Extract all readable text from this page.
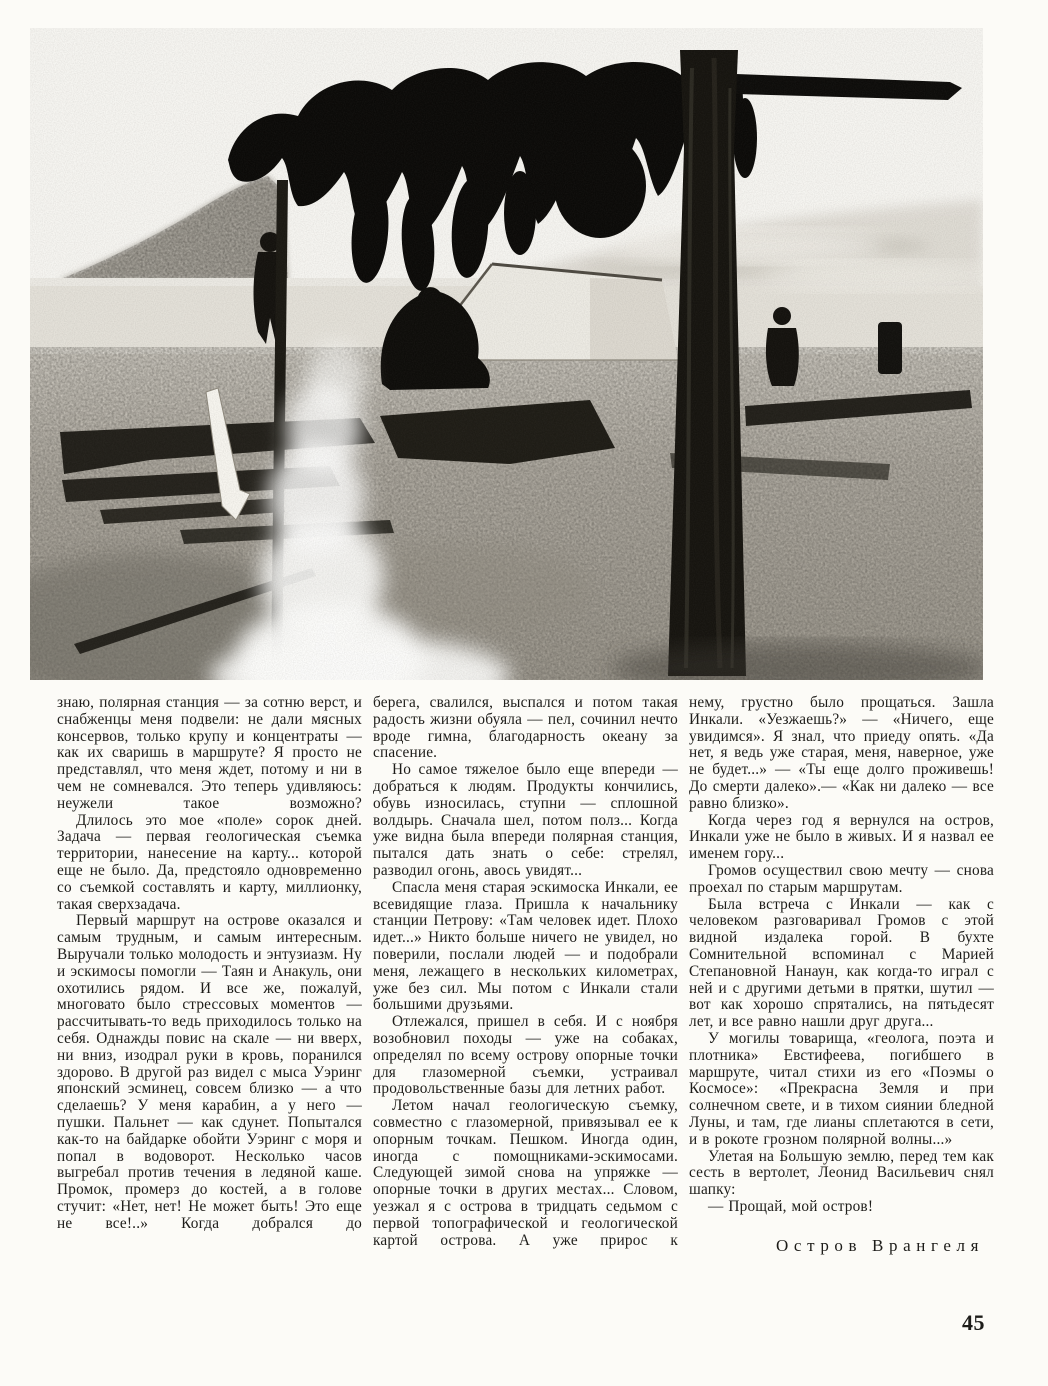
знаю, полярная станция — за сотню верст, и снабженцы меня подвели: не дали мясных консервов, только крупу и концентраты — как их сваришь в маршруте? Я просто не представлял, что меня ждет, потому и ни в чем не сомневался. Это теперь удивляюсь: неужели такое возможно?

Длилось это мое «поле» сорок дней. Задача — первая геологическая съемка территории, нанесение на карту... которой еще не было. Да, предстояло одновременно со съемкой составлять и карту, миллионку, такая сверхзадача.

Первый маршрут на острове оказался и самым трудным, и самым интересным. Выручали только молодость и энтузиазм. Ну и эскимосы помогли — Таян и Анакуль, они охотились рядом. И все же, пожалуй, многовато было стрессовых моментов — рассчитывать-то ведь приходилось только на себя. Однажды повис на скале — ни вверх, ни вниз, изодрал руки в кровь, поранился здорово. В другой раз видел с мыса Уэринг японский эсминец, совсем близко — а что сделаешь? У меня карабин, а у него — пушки. Пальнет — как сдунет. Попытался как-то на байдарке обойти Уэринг с моря и попал в водоворот. Несколько часов выгребал против течения в ледяной каше. Промок, промерз до костей, а в голове стучит: «Нет, нет! Не может быть! Это еще не все!..» Когда добрался до

берега, свалился, выспался и потом такая радость жизни обуяла — пел, сочинил нечто вроде гимна, благодарность океану за спасение.

Но самое тяжелое было еще впереди — добраться к людям. Продукты кончились, обувь износилась, ступни — сплошной волдырь. Сначала шел, потом полз... Когда уже видна была впереди полярная станция, пытался дать знать о себе: стрелял, разводил огонь, авось увидят...

Спасла меня старая эскимоска Инкали, ее всевидящие глаза. Пришла к начальнику станции Петрову: «Там человек идет. Плохо идет...» Никто больше ничего не увидел, но поверили, послали людей — и подобрали меня, лежащего в нескольких километрах, уже без сил. Мы потом с Инкали стали большими друзьями.

Отлежался, пришел в себя. И с ноября возобновил походы — уже на собаках, определял по всему острову опорные точки для глазомерной съемки, устраивал продовольственные базы для летних работ.

Летом начал геологическую съемку, совместно с глазомерной, привязывал ее к опорным точкам. Пешком. Иногда один, иногда с помощниками-эскимосами. Следующей зимой снова на упряжке — опорные точки в других местах... Словом, уезжал я с острова в тридцать седьмом с первой топографической и геологической картой острова. А уже прирос к

нему, грустно было прощаться. Зашла Инкали. «Уезжаешь?» — «Ничего, еще увидимся». Я знал, что приеду опять. «Да нет, я ведь уже старая, меня, наверное, уже не будет...» — «Ты еще долго проживешь! До смерти далеко».— «Как ни далеко — все равно близко».

Когда через год я вернулся на остров, Инкали уже не было в живых. И я назвал ее именем гору...

Громов осуществил свою мечту — снова проехал по старым маршрутам.

Была встреча с Инкали — как с человеком разговаривал Громов с этой видной издалека горой. В бухте Сомнительной вспоминал с Марией Степановной Нанаун, как когда-то играл с ней и с другими детьми в прятки, шутил — вот как хорошо спрятались, на пятьдесят лет, и все равно нашли друг друга...

У могилы товарища, «геолога, поэта и плотника» Евстифеева, погибшего в маршруте, читал стихи из его «Поэмы о Космосе»: «Прекрасна Земля и при солнечном свете, и в тихом сиянии бледной Луны, и там, где лианы сплетаются в сети, и в рокоте грозном полярной волны...»

Улетая на Большую землю, перед тем как сесть в вертолет, Леонид Васильевич снял шапку:

— Прощай, мой остров!

Остров Врангеля
45
